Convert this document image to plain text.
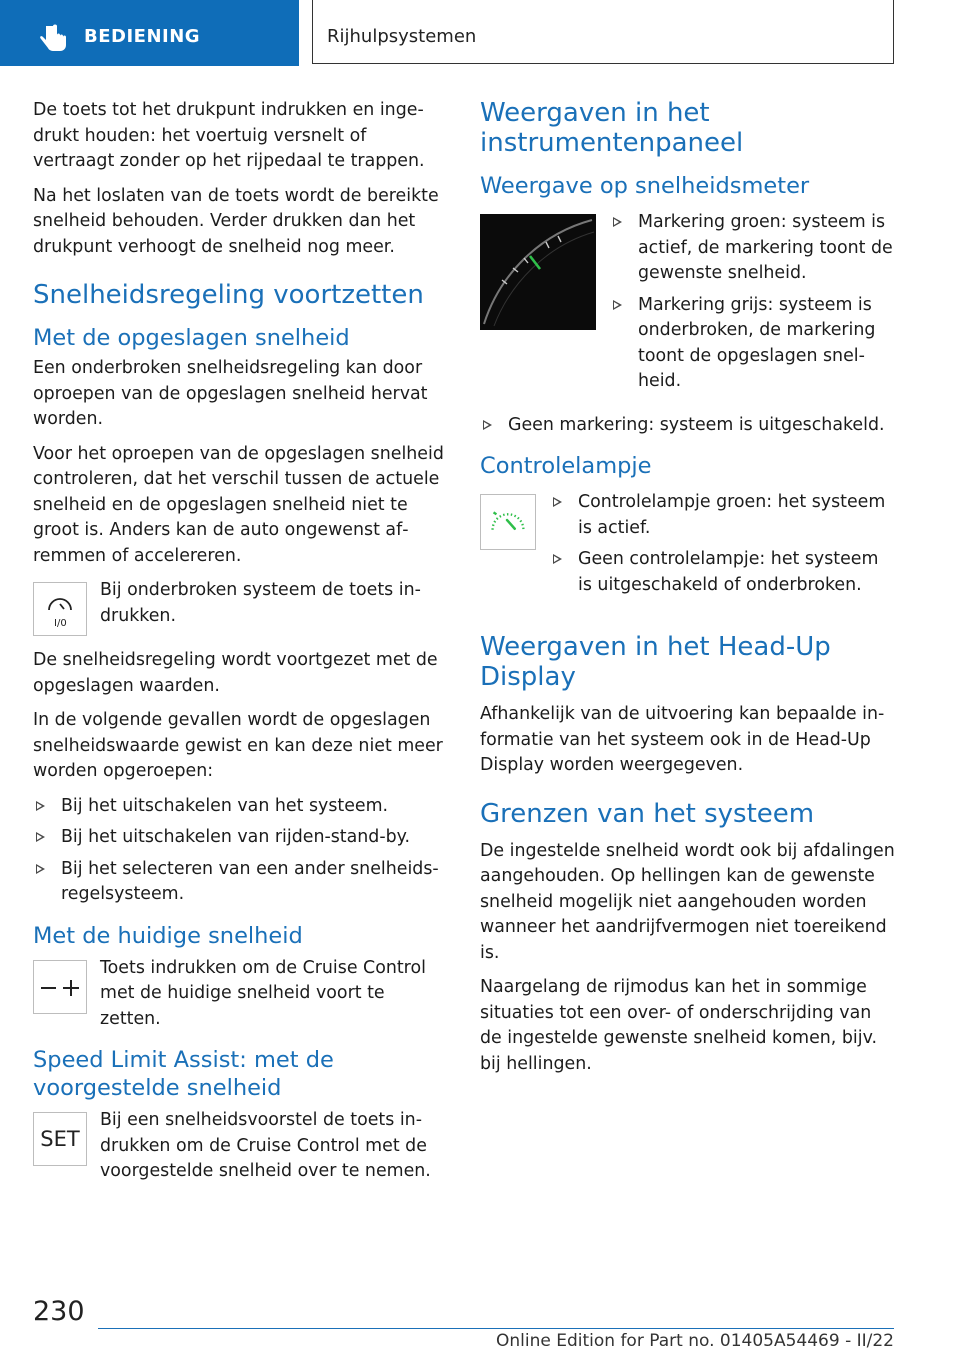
BEDIENING	Rijhulpsystemen

De toets tot het drukpunt indrukken en ingedrukt houden: het voertuig versnelt of vertraagt zonder op het rijpedaal te trappen.

Na het loslaten van de toets wordt de bereikte snelheid behouden. Verder drukken dan het drukpunt verhoogt de snelheid nog meer.

Snelheidsregeling voortzetten
Met de opgeslagen snelheid

Een onderbroken snelheidsregeling kan door oproepen van de opgeslagen snelheid hervat worden.

Voor het oproepen van de opgeslagen snelheid controleren, dat het verschil tussen de actuele snelheid en de opgeslagen snelheid niet te groot is. Anders kan de auto ongewenst afremmen of accelereren.

I/0

Bij onderbroken systeem de toets indrukken.

De snelheidsregeling wordt voortgezet met de opgeslagen waarden.

In de volgende gevallen wordt de opgeslagen snelheidswaarde gewist en kan deze niet meer worden opgeroepen:

Bij het uitschakelen van het systeem.
Bij het uitschakelen van rijden-stand-by.
Bij het selecteren van een ander snelheidsregelsysteem.
Met de huidige snelheid

Toets indrukken om de Cruise Control met de huidige snelheid voort te zetten.

Speed Limit Assist: met de voorgestelde snelheid
SET

Bij een snelheidsvoorstel de toets indrukken om de Cruise Control met de voorgestelde snelheid over te nemen.

Weergaven in het instrumentenpaneel
Weergave op snelheidsmeter
Markering groen: systeem is actief, de markering toont de gewenste snelheid.
Markering grijs: systeem is onderbroken, de markering toont de opgeslagen snelheid.
Geen markering: systeem is uitgeschakeld.
Controlelampje
Controlelampje groen: het systeem is actief.
Geen controlelampje: het systeem is uitgeschakeld of onderbroken.
Weergaven in het Head-Up Display

Afhankelijk van de uitvoering kan bepaalde informatie van het systeem ook in de Head-Up Display worden weergegeven.

Grenzen van het systeem

De ingestelde snelheid wordt ook bij afdalingen aangehouden. Op hellingen kan de gewenste snelheid mogelijk niet aangehouden worden wanneer het aandrijfvermogen niet toereikend is.

Naargelang de rijmodus kan het in sommige situaties tot een over- of onderschrijding van de ingestelde gewenste snelheid komen, bijv. bij hellingen.

230
Online Edition for Part no. 01405A54469 - II/22
